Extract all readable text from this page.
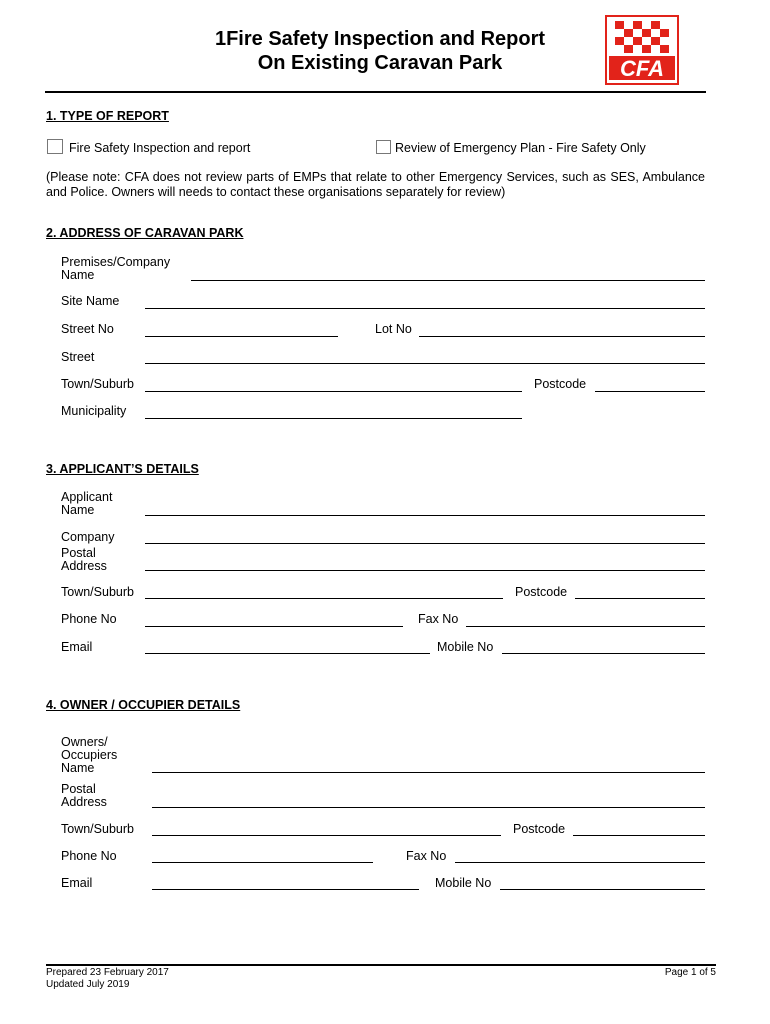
1Fire Safety Inspection and Report
On Existing Caravan Park	CFA
1. TYPE OF REPORT
Fire Safety Inspection and report	Review of Emergency Plan - Fire Safety Only
(Please note: CFA does not review parts of EMPs that relate to other Emergency Services, such as SES, Ambulance and Police. Owners will needs to contact these organisations separately for review)
2. ADDRESS OF CARAVAN PARK
Premises/Company
Name
Site Name
Street No	Lot No
Street
Town/Suburb	Postcode
Municipality
3. APPLICANT’S DETAILS
Applicant
Name
Company
Postal
Address
Town/Suburb	Postcode
Phone No	Fax No
Email	Mobile No
4. OWNER / OCCUPIER DETAILS
Owners/
Occupiers
Name
Postal
Address
Town/Suburb	Postcode
Phone No	Fax No
Email	Mobile No
Prepared 23 February 2017
Updated July 2019
Page 1 of 5
